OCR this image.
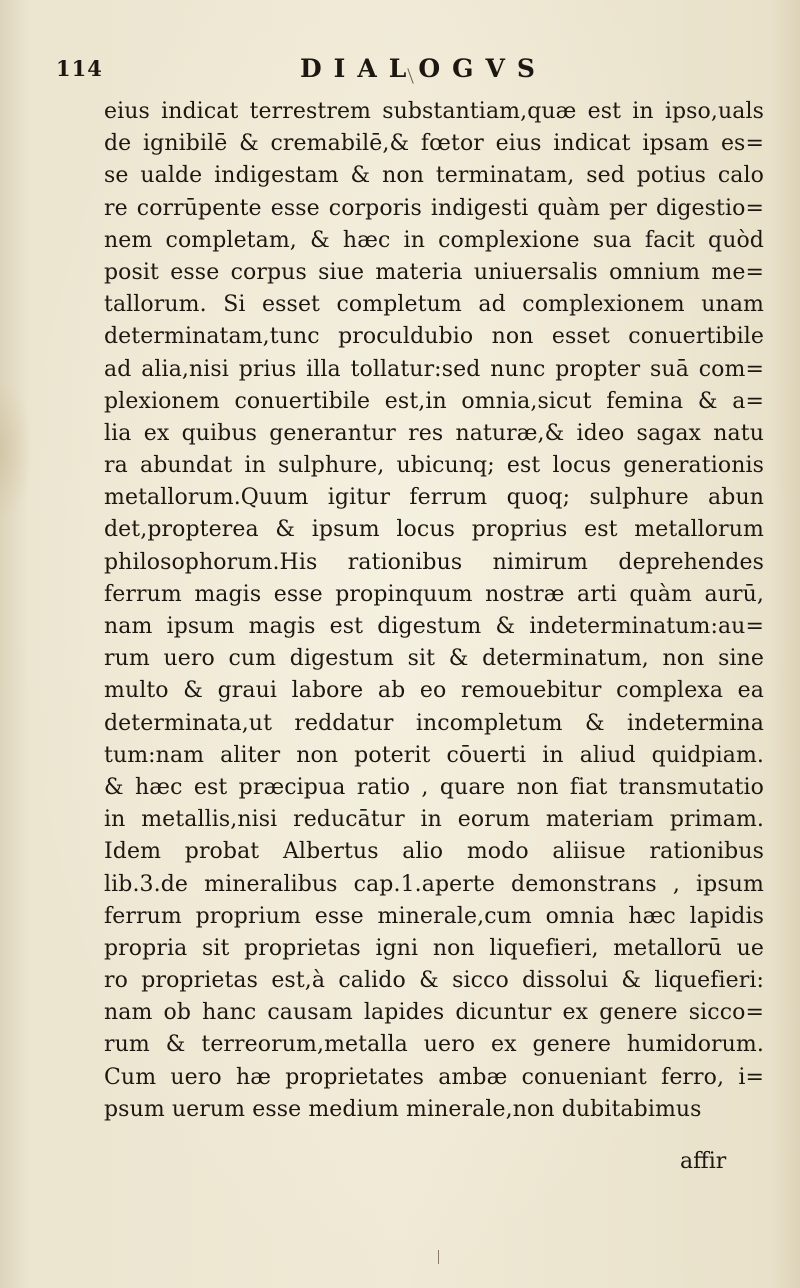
114	DIALOGVS
eius indicat terrestrem substantiam,quæ est in ipso,uals
de ignibilē & cremabilē,& fœtor eius indicat ipsam es=
se ualde indigestam & non terminatam, sed potius calo
re corrūpente esse corporis indigesti quàm per digestio=
nem completam, & hæc in complexione sua facit quòd
posit esse corpus siue materia uniuersalis omnium me=
tallorum. Si esset completum ad complexionem unam
determinatam,tunc proculdubio non esset conuertibile
ad alia,nisi prius illa tollatur:sed nunc propter suā com=
plexionem conuertibile est,in omnia,sicut femina & a=
lia ex quibus generantur res naturæ,& ideo sagax natu
ra abundat in sulphure, ubicunq; est locus generationis
metallorum.Quum igitur ferrum quoq; sulphure abun
det,propterea & ipsum locus proprius est metallorum
philosophorum.His rationibus nimirum deprehendes
ferrum magis esse propinquum nostræ arti quàm aurū,
nam ipsum magis est digestum & indeterminatum:au=
rum uero cum digestum sit & determinatum, non sine
multo & graui labore ab eo remouebitur complexa ea
determinata,ut reddatur incompletum & indetermina
tum:nam aliter non poterit cōuerti in aliud quidpiam.
& hæc est præcipua ratio , quare non fiat transmutatio
in metallis,nisi reducātur in eorum materiam primam.
Idem probat Albertus alio modo aliisue rationibus
lib.3.de mineralibus cap.1.aperte demonstrans , ipsum
ferrum proprium esse minerale,cum omnia hæc lapidis
propria sit proprietas igni non liquefieri, metallorū ue
ro proprietas est,à calido & sicco dissolui & liquefieri:
nam ob hanc causam lapides dicuntur ex genere sicco=
rum & terreorum,metalla uero ex genere humidorum.
Cum uero hæ proprietates ambæ conueniant ferro, i=
psum uerum esse medium minerale,non dubitabimus
affir
